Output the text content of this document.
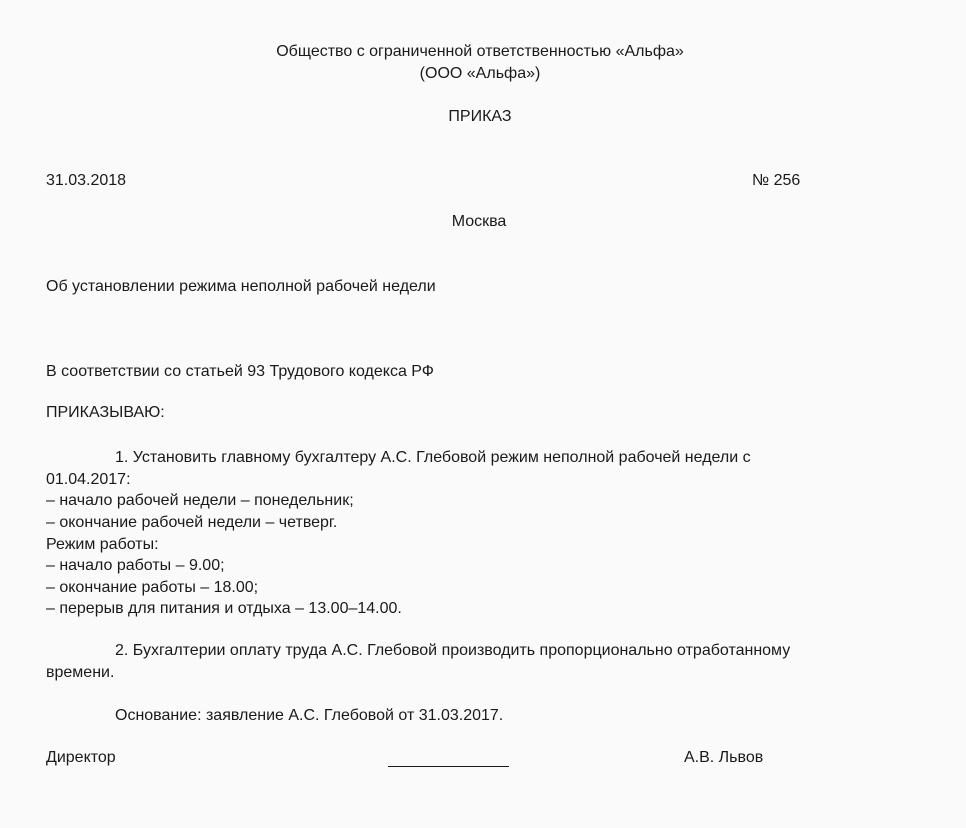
Общество с ограниченной ответственностью «Альфа»
(ООО «Альфа»)
ПРИКАЗ
31.03.2018	№ 256
Москва
Об установлении режима неполной рабочей недели
В соответствии со статьей 93 Трудового кодекса РФ
ПРИКАЗЫВАЮ:
1. Установить главному бухгалтеру А.С. Глебовой режим неполной рабочей недели с
01.04.2017:
– начало рабочей недели – понедельник;
– окончание рабочей недели – четверг.
Режим работы:
– начало работы – 9.00;
– окончание работы – 18.00;
– перерыв для питания и отдыха – 13.00–14.00.
2. Бухгалтерии оплату труда А.С. Глебовой производить пропорционально отработанному
времени.
Основание: заявление А.С. Глебовой от 31.03.2017.
Директор	А.В. Львов
